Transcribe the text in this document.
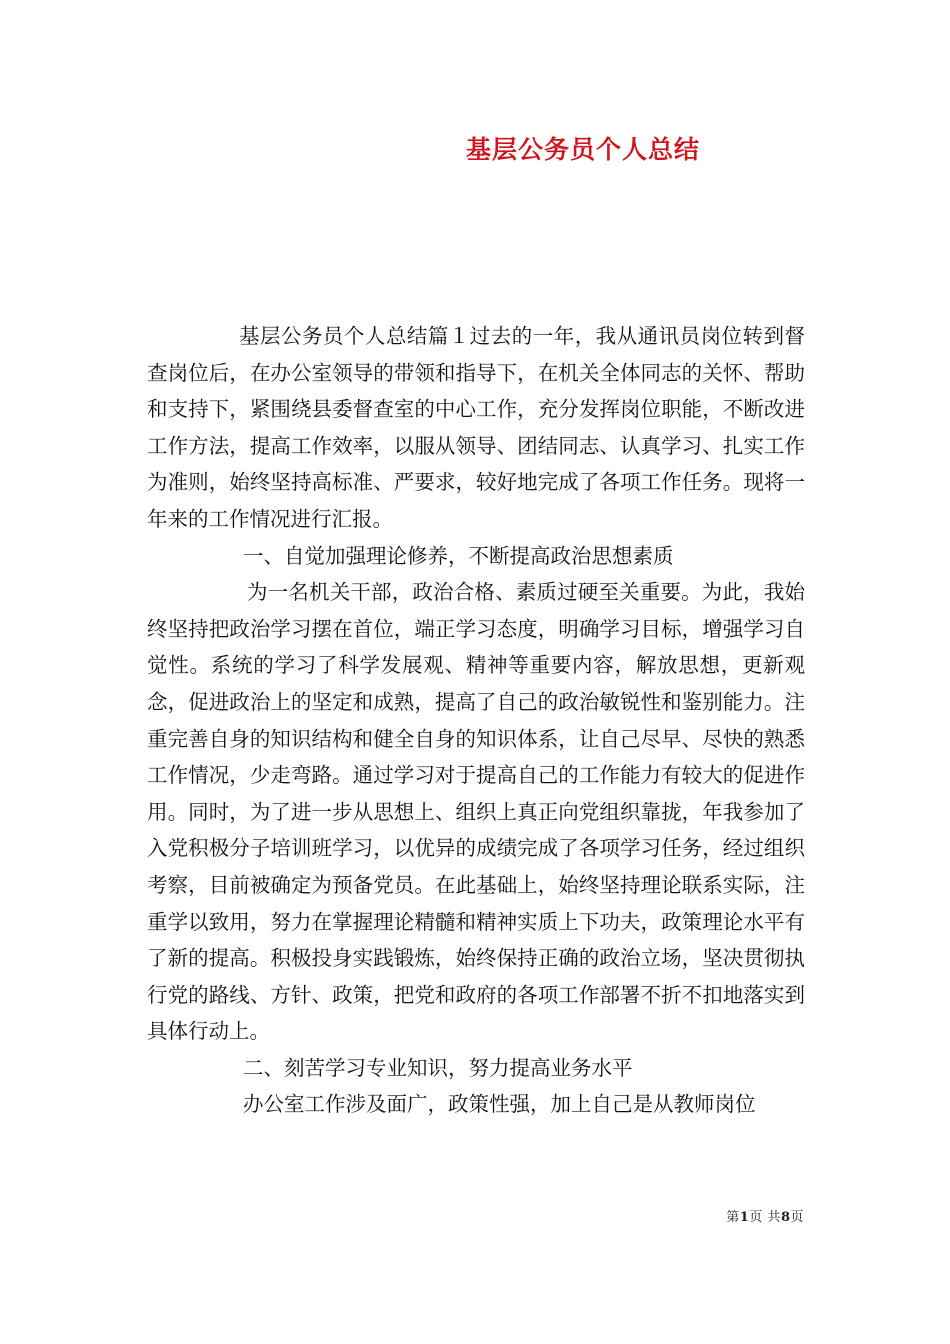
基层公务员个人总结

基层公务员个人总结篇１过去的一年，我从通讯员岗位转到督查岗位后，在办公室领导的带领和指导下，在机关全体同志的关怀、帮助和支持下，紧围绕县委督查室的中心工作，充分发挥岗位职能，不断改进工作方法，提高工作效率，以服从领导、团结同志、认真学习、扎实工作为准则，始终坚持高标准、严要求，较好地完成了各项工作任务。现将一年来的工作情况进行汇报。

一、自觉加强理论修养，不断提高政治思想素质

为一名机关干部，政治合格、素质过硬至关重要。为此，我始终坚持把政治学习摆在首位，端正学习态度，明确学习目标，增强学习自觉性。系统的学习了科学发展观、精神等重要内容，解放思想，更新观念，促进政治上的坚定和成熟，提高了自己的政治敏锐性和鉴别能力。注重完善自身的知识结构和健全自身的知识体系，让自己尽早、尽快的熟悉工作情况，少走弯路。通过学习对于提高自己的工作能力有较大的促进作用。同时，为了进一步从思想上、组织上真正向党组织靠拢，年我参加了入党积极分子培训班学习，以优异的成绩完成了各项学习任务，经过组织考察，目前被确定为预备党员。在此基础上，始终坚持理论联系实际，注重学以致用，努力在掌握理论精髓和精神实质上下功夫，政策理论水平有了新的提高。积极投身实践锻炼，始终保持正确的政治立场，坚决贯彻执行党的路线、方针、政策，把党和政府的各项工作部署不折不扣地落实到具体行动上。

二、刻苦学习专业知识，努力提高业务水平

办公室工作涉及面广，政策性强，加上自己是从教师岗位

第1页 共8页
